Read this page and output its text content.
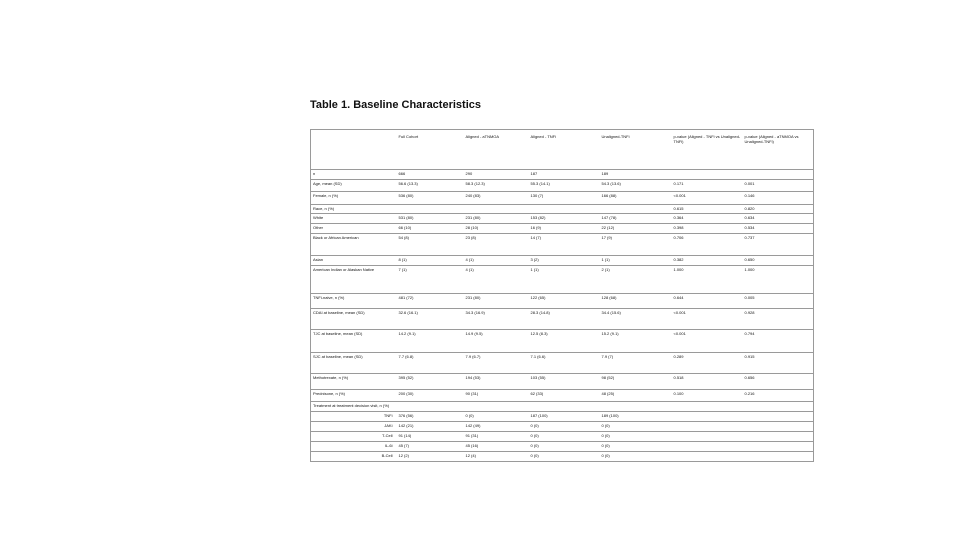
Table 1. Baseline Characteristics
	Full Cohort	Aligned - aTNMOA	Aligned - TNFi	Unaligned-TNFi	p-value (Aligned - TNFi vs Unaligned-TNFi)	p-value (Aligned - aTNMOA vs Unaligned-TNFi)
n	666	290	187	189		
Age, mean (SD)	56.6 (13.3)	58.3 (12.3)	55.3 (14.1)	54.3 (13.6)	0.171	0.001
Female, n (%)	536 (80)	240 (83)	130 (7)	166 (88)	<0.001	0.146
Race, n (%)					0.615	0.820
White	531 (80)	231 (80)	153 (82)	147 (78)	0.364	0.634
Other	66 (10)	28 (10)	16 (9)	22 (12)	0.398	0.534
Black or African American	54 (8)	23 (8)	14 (7)	17 (9)	0.706	0.737
Asian	8 (1)	4 (1)	3 (2)	1 (1)	0.382	0.650
American Indian or Alaskan Native	7 (1)	4 (1)	1 (1)	2 (1)	1.000	1.000
TNFi-naive, n (%)	481 (72)	231 (80)	122 (65)	128 (68)	0.644	0.005
CDAI at baseline, mean (SD)	32.6 (16.1)	34.3 (16.9)	28.3 (14.8)	34.4 (15.6)	<0.001	0.928
TJC at baseline, mean (SD)	14.2 (9.1)	14.9 (9.5)	12.5 (8.3)	15.2 (9.1)	<0.001	0.794
SJC at baseline, mean (SD)	7.7 (6.8)	7.9 (6.7)	7.1 (6.6)	7.9 (7)	0.289	0.915
Methotrexate, n (%)	395 (52)	194 (53)	103 (55)	98 (52)	0.518	0.656
Prednisone, n (%)	200 (30)	90 (31)	62 (33)	48 (25)	0.100	0.216
Treatment at treatment decision visit, n (%)						
TNFi	376 (56)	0 (0)	187 (100)	189 (100)		
JAKi	142 (21)	142 (49)	0 (0)	0 (0)		
T-Cell	91 (14)	91 (31)	0 (0)	0 (0)		
IL-6i	45 (7)	45 (16)	0 (0)	0 (0)		
B-Cell	12 (2)	12 (4)	0 (0)	0 (0)		
